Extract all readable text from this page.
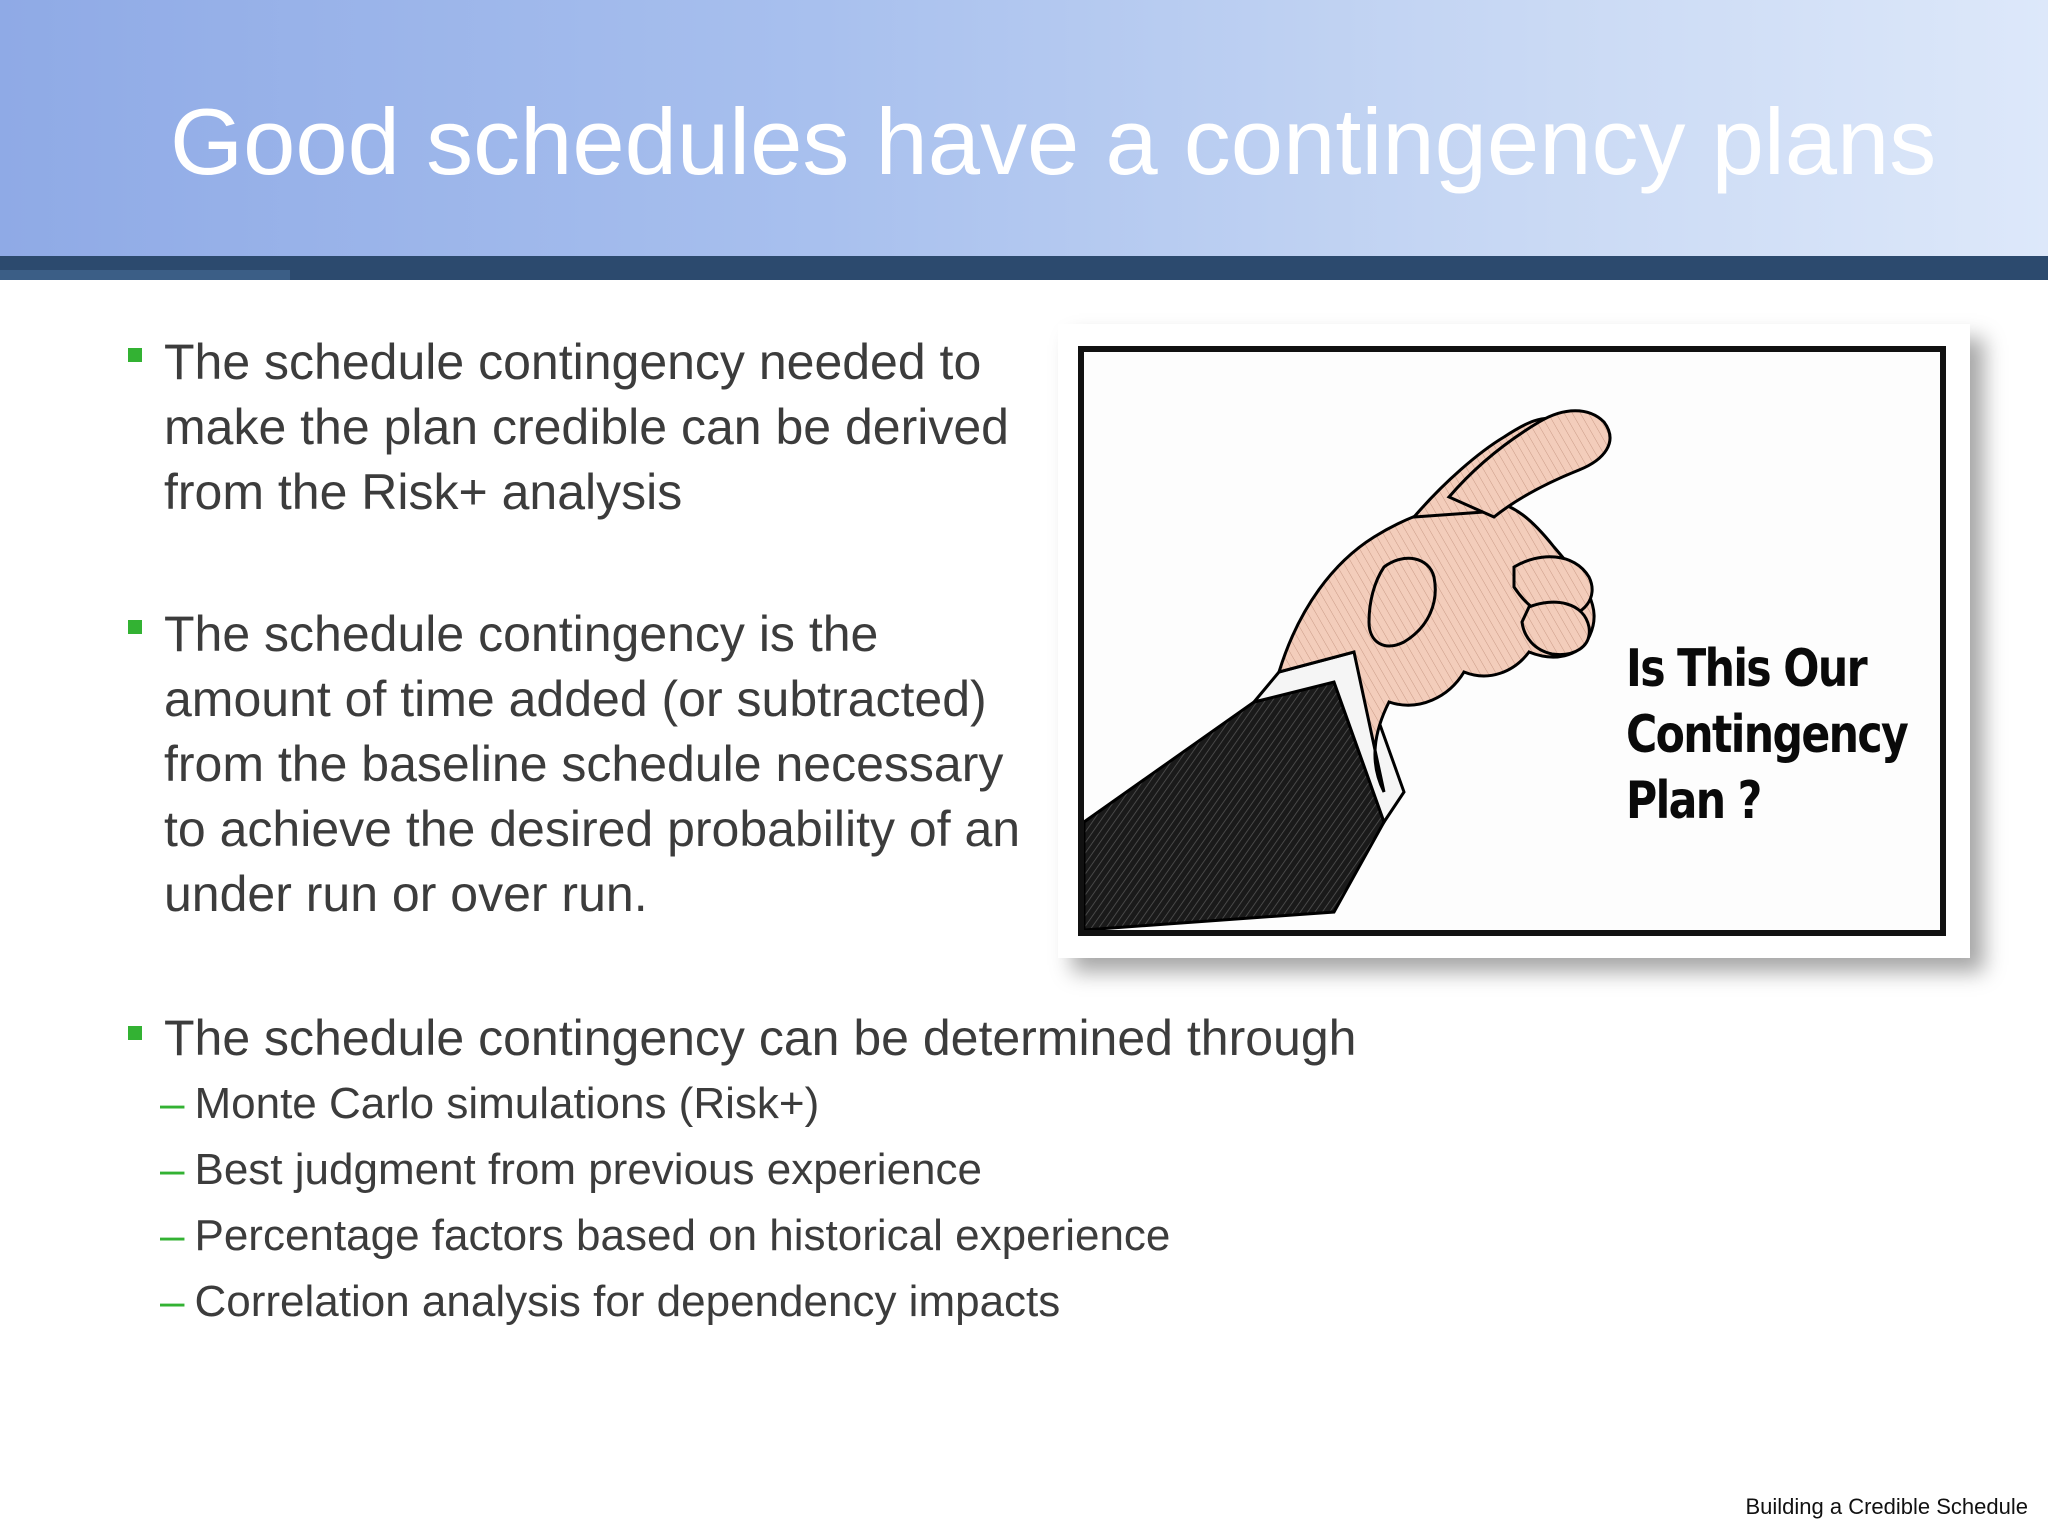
Good schedules have a contingency plans

The schedule contingency needed to make the plan credible can be derived from the Risk+ analysis

The schedule contingency is the amount of time added (or subtracted) from the baseline schedule necessary to achieve the desired probability of an under run or over run.

The schedule contingency can be determined through

– Monte Carlo simulations (Risk+)
– Best judgment from previous experience
– Percentage factors based on historical experience
– Correlation analysis for dependency impacts

Is This Our Contingency Plan ?

Building a Credible Schedule
